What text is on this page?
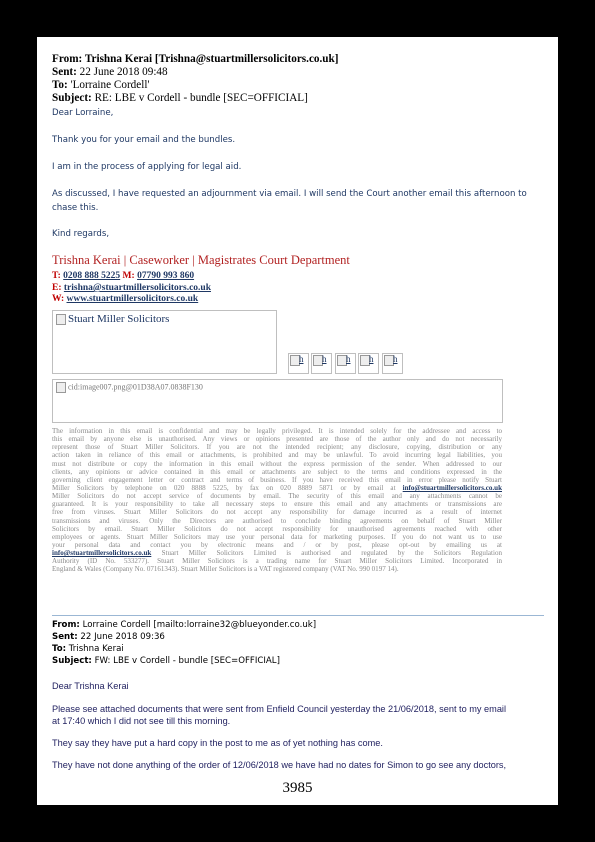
From: Trishna Kerai [Trishna@stuartmillersolicitors.co.uk]
Sent: 22 June 2018 09:48
To: 'Lorraine Cordell'
Subject: RE: LBE v Cordell - bundle [SEC=OFFICIAL]
Dear Lorraine,
Thank you for your email and the bundles.
I am in the process of applying for legal aid.
As discussed, I have requested an adjournment via email. I will send the Court another email this afternoon to
chase this.
Kind regards,
Trishna Kerai | Caseworker | Magistrates Court Department
T: 0208 888 5225 M: 07790 993 860
E: trishna@stuartmillersolicitors.co.uk
W: www.stuartmillersolicitors.co.uk
Stuart Miller Solicitors
h h h h h
cid:image007.png@01D38A07.0838F130
The information in this email is confidential and may be legally privileged. It is intended solely for the addressee and access to
this email by anyone else is unauthorised. Any views or opinions presented are those of the author only and do not necessarily
represent those of Stuart Miller Solicitors. If you are not the intended recipient; any disclosure, copying, distribution or any
action taken in reliance of this email or attachments, is prohibited and may be unlawful. To avoid incurring legal liabilities, you
must not distribute or copy the information in this email without the express permission of the sender. When addressed to our
clients, any opinions or advice contained in this email or attachments are subject to the terms and conditions expressed in the
governing client engagement letter or contract and terms of business. If you have received this email in error please notify Stuart
Miller Solicitors by telephone on 020 8888 5225, by fax on 020 8889 5871 or by email at info@stuartmillersolicitors.co.uk
Miller Solicitors do not accept service of documents by email. The security of this email and any attachments cannot be
guaranteed. It is your responsibility to take all necessary steps to ensure this email and any attachments or transmissions are
free from viruses. Stuart Miller Solicitors do not accept any responsibility for damage incurred as a result of internet
transmissions and viruses. Only the Directors are authorised to conclude binding agreements on behalf of Stuart Miller
Solicitors by email. Stuart Miller Solicitors do not accept responsibility for unauthorised agreements reached with other
employees or agents. Stuart Miller Solicitors may use your personal data for marketing purposes. If you do not want us to use
your personal data and contact you by electronic means and / or by post, please opt-out by emailing us at
info@stuartmillersolicitors.co.uk Stuart Miller Solicitors Limited is authorised and regulated by the Solicitors Regulation
Authority (ID No. 533277). Stuart Miller Solicitors is a trading name for Stuart Miller Solicitors Limited. Incorporated in
England & Wales (Company No. 07161343). Stuart Miller Solicitors is a VAT registered company (VAT No. 990 0197 14).
From: Lorraine Cordell [mailto:lorraine32@blueyonder.co.uk]
Sent: 22 June 2018 09:36
To: Trishna Kerai
Subject: FW: LBE v Cordell - bundle [SEC=OFFICIAL]
Dear Trishna Kerai
Please see attached documents that were sent from Enfield Council yesterday the 21/06/2018, sent to my email
at 17:40 which I did not see till this morning.
They say they have put a hard copy in the post to me as of yet nothing has come.
They have not done anything of the order of 12/06/2018 we have had no dates for Simon to go see any doctors,
3985
